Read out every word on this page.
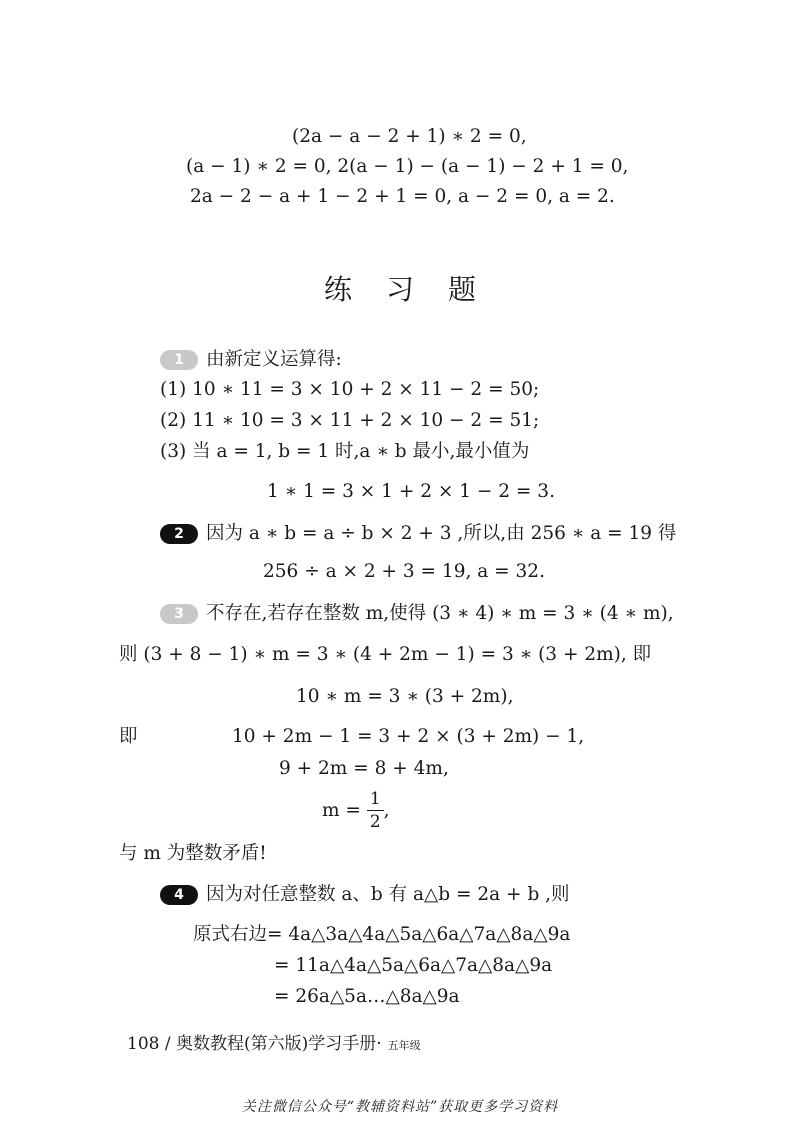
(2a − a − 2 + 1) ∗ 2 = 0,
(a − 1) ∗ 2 = 0, 2(a − 1) − (a − 1) − 2 + 1 = 0,
2a − 2 − a + 1 − 2 + 1 = 0, a − 2 = 0, a = 2.
练习题
1 由新定义运算得:
(1) 10 ∗ 11 = 3 × 10 + 2 × 11 − 2 = 50;
(2) 11 ∗ 10 = 3 × 11 + 2 × 10 − 2 = 51;
(3) 当 a = 1, b = 1 时,a ∗ b 最小,最小值为
1 ∗ 1 = 3 × 1 + 2 × 1 − 2 = 3.
2 因为 a ∗ b = a ÷ b × 2 + 3 ,所以,由 256 ∗ a = 19 得
256 ÷ a × 2 + 3 = 19, a = 32.
3 不存在,若存在整数 m,使得 (3 ∗ 4) ∗ m = 3 ∗ (4 ∗ m),
则 (3 + 8 − 1) ∗ m = 3 ∗ (4 + 2m − 1) = 3 ∗ (3 + 2m), 即
10 ∗ m = 3 ∗ (3 + 2m),
即	10 + 2m − 1 = 3 + 2 × (3 + 2m) − 1,
9 + 2m = 8 + 4m,
$m = \frac{1}{2}$ ,
与 m 为整数矛盾!
4 因为对任意整数 a、b 有 a△b = 2a + b ,则
原式右边= 4a△3a△4a△5a△6a△7a△8a△9a
= 11a△4a△5a△6a△7a△8a△9a
= 26a△5a…△8a△9a
108 / 奥数教程(第六版)学习手册· 五年级
关注微信公众号“教辅资料站”获取更多学习资料
